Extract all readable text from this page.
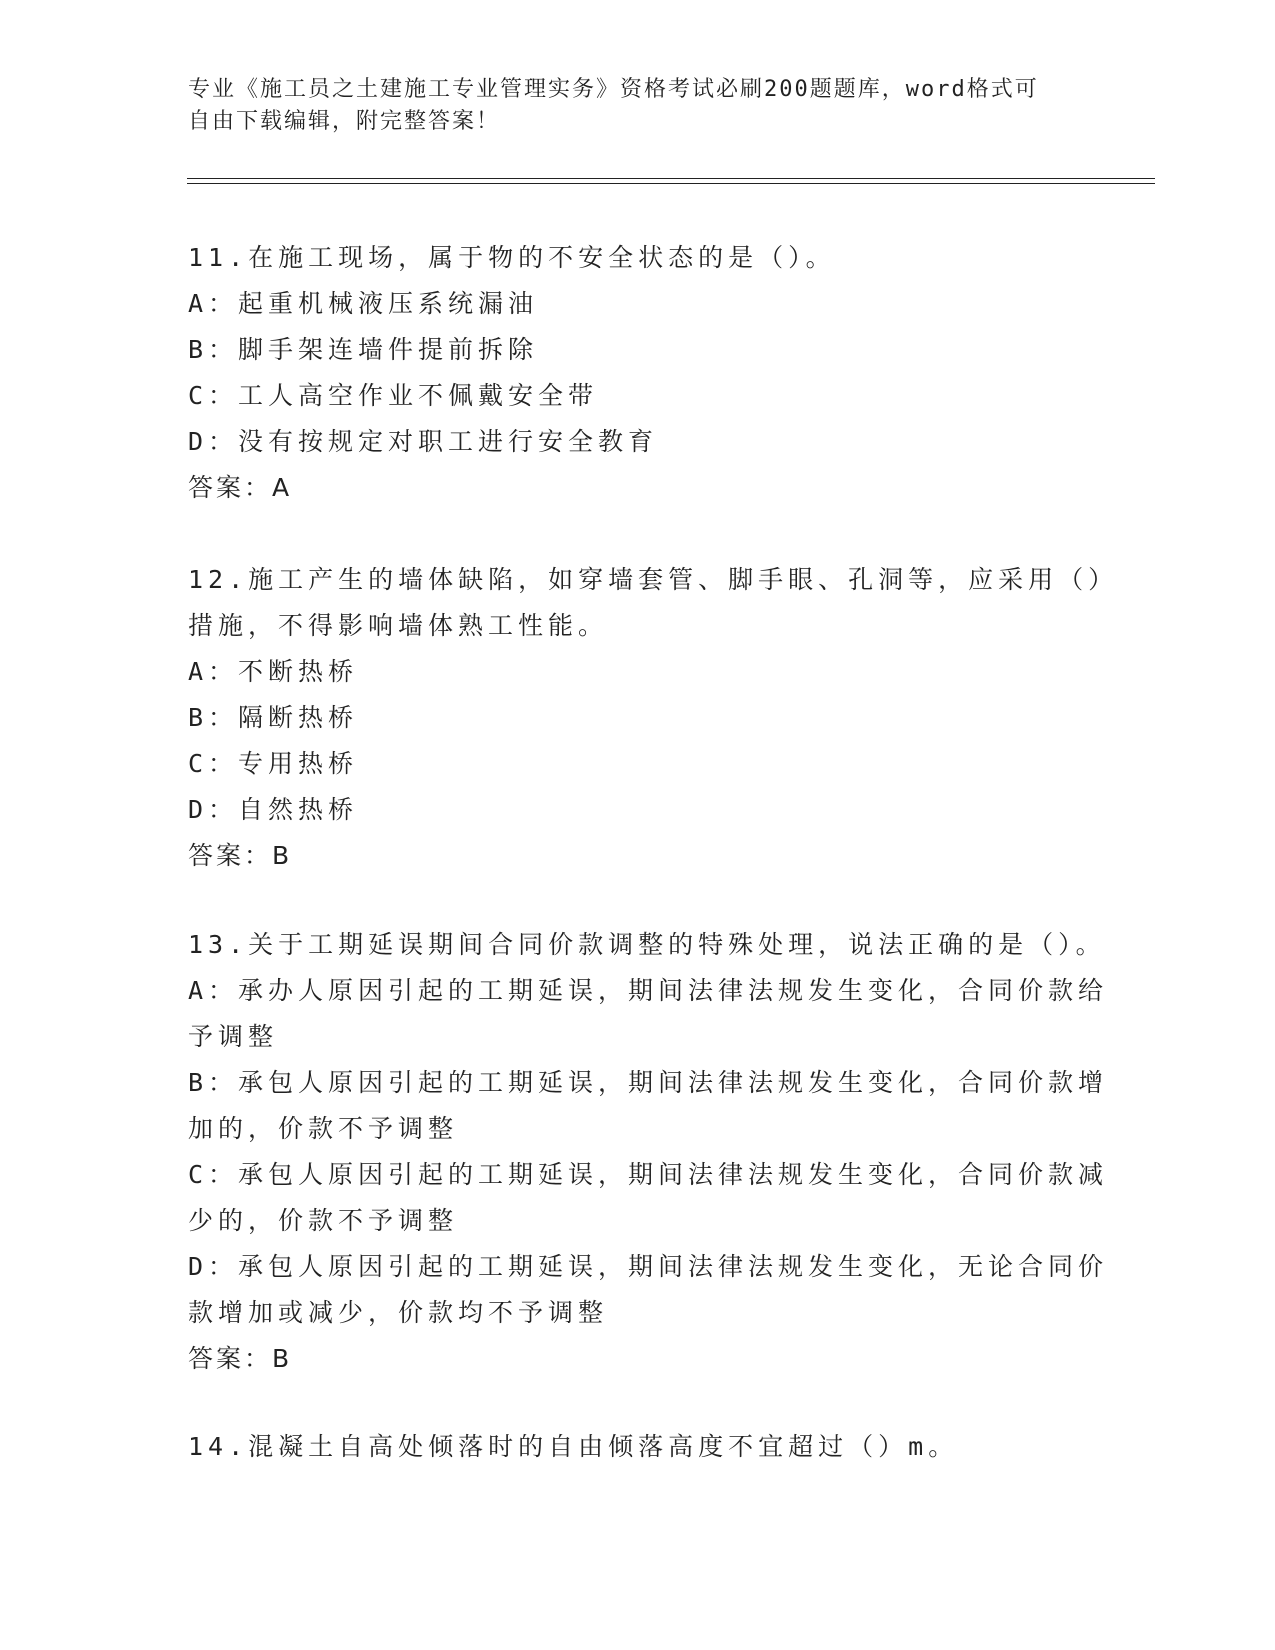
专业《施工员之土建施工专业管理实务》资格考试必刷200题题库，word格式可

自由下载编辑，附完整答案！

11.在施工现场，属于物的不安全状态的是（）。

A：起重机械液压系统漏油

B：脚手架连墙件提前拆除

C：工人高空作业不佩戴安全带

D：没有按规定对职工进行安全教育

答案：A

12.施工产生的墙体缺陷，如穿墙套管、脚手眼、孔洞等，应采用（）

措施，不得影响墙体熟工性能。

A：不断热桥

B：隔断热桥

C：专用热桥

D：自然热桥

答案：B

13.关于工期延误期间合同价款调整的特殊处理，说法正确的是（）。

A：承办人原因引起的工期延误，期间法律法规发生变化，合同价款给

予调整

B：承包人原因引起的工期延误，期间法律法规发生变化，合同价款增

加的，价款不予调整

C：承包人原因引起的工期延误，期间法律法规发生变化，合同价款减

少的，价款不予调整

D：承包人原因引起的工期延误，期间法律法规发生变化，无论合同价

款增加或减少，价款均不予调整

答案：B

14.混凝土自高处倾落时的自由倾落高度不宜超过（）m。
